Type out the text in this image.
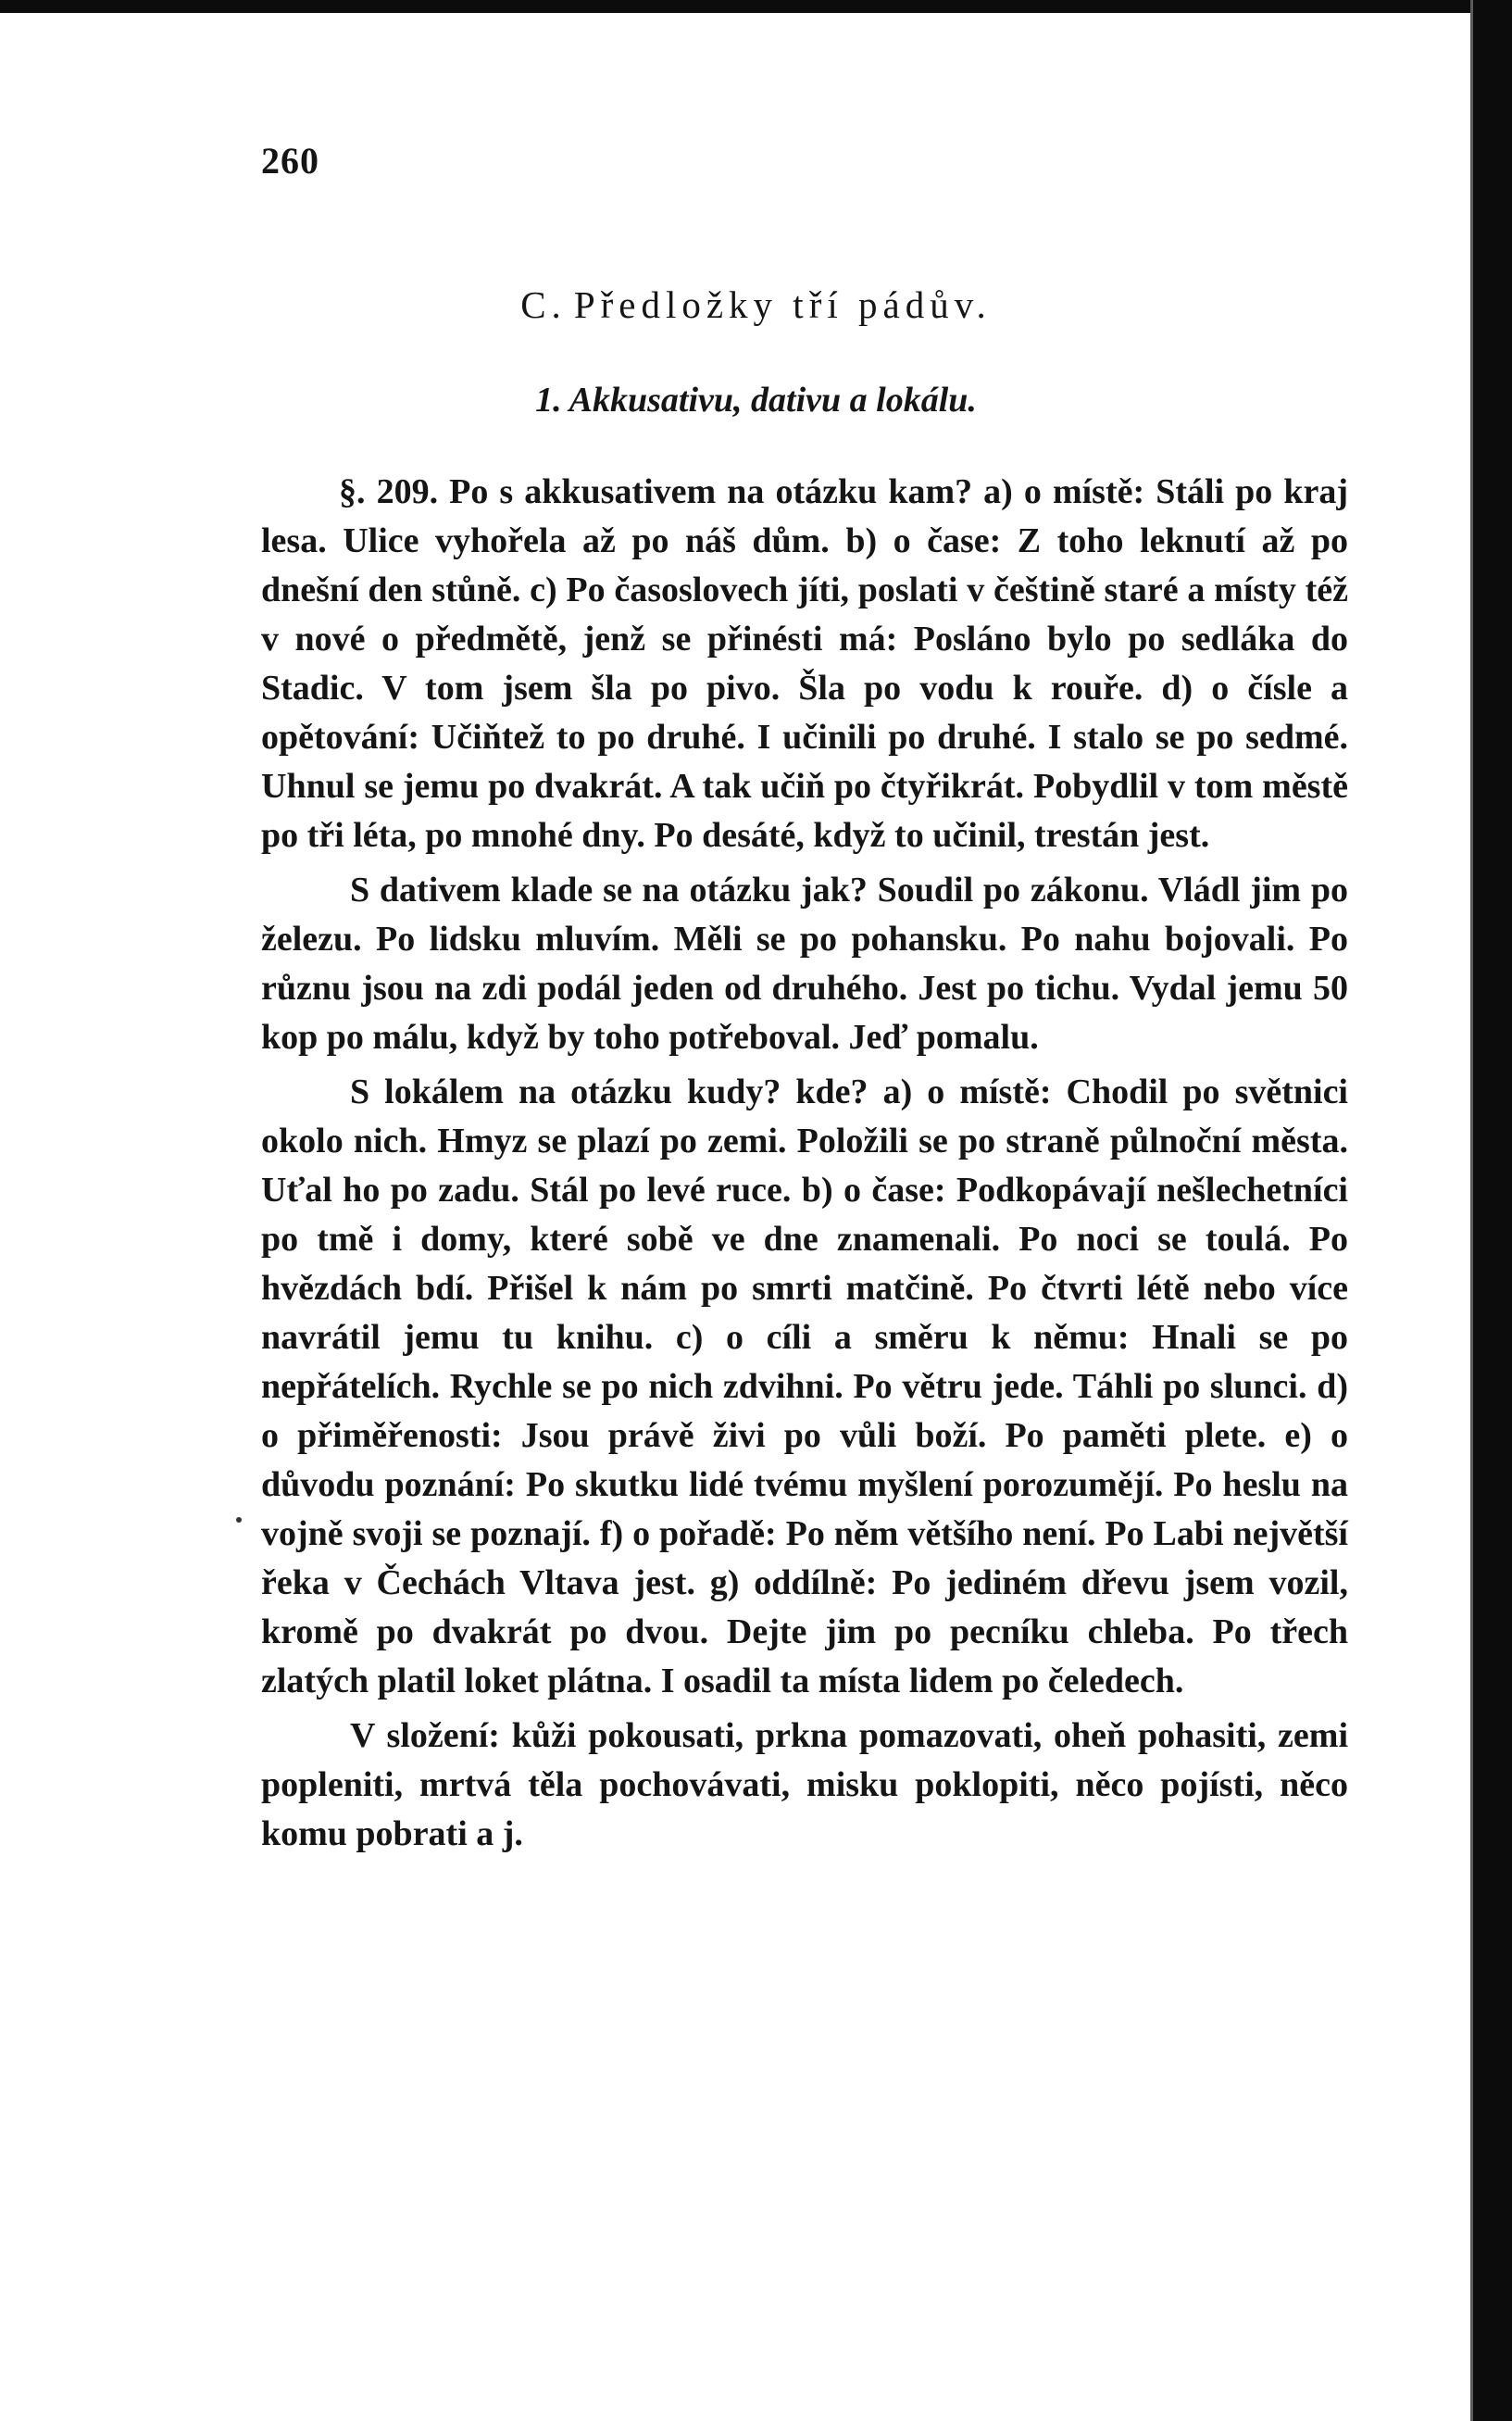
260
C. Předložky tří pádův.
1. Akkusativu, dativu a lokálu.

§. 209. Po s akkusativem na otázku kam? a) o místě: Stáli po kraj lesa. Ulice vyhořela až po náš dům. b) o čase: Z toho leknutí až po dnešní den stůně. c) Po časoslovech jíti, poslati v češtině staré a místy též v nové o předmětě, jenž se přinésti má: Posláno bylo po sedláka do Stadic. V tom jsem šla po pivo. Šla po vodu k rouře. d) o čísle a opětování: Učiňtež to po druhé. I učinili po druhé. I stalo se po sedmé. Uhnul se jemu po dvakrát. A tak učiň po čtyřikrát. Pobydlil v tom městě po tři léta, po mnohé dny. Po desáté, když to učinil, trestán jest.

S dativem klade se na otázku jak? Soudil po zákonu. Vládl jim po železu. Po lidsku mluvím. Měli se po pohansku. Po nahu bojovali. Po různu jsou na zdi podál jeden od druhého. Jest po tichu. Vydal jemu 50 kop po málu, když by toho potřeboval. Jeď pomalu.

S lokálem na otázku kudy? kde? a) o místě: Chodil po světnici okolo nich. Hmyz se plazí po zemi. Položili se po straně půlnoční města. Uťal ho po zadu. Stál po levé ruce. b) o čase: Podkopávají nešlechetníci po tmě i domy, které sobě ve dne znamenali. Po noci se toulá. Po hvězdách bdí. Přišel k nám po smrti matčině. Po čtvrti létě nebo více navrátil jemu tu knihu. c) o cíli a směru k němu: Hnali se po nepřátelích. Rychle se po nich zdvihni. Po větru jede. Táhli po slunci. d) o přiměřenosti: Jsou právě živi po vůli boží. Po paměti plete. e) o důvodu poznání: Po skutku lidé tvému myšlení porozumějí. Po heslu na vojně svoji se poznají. f) o pořadě: Po něm většího není. Po Labi největší řeka v Čechách Vltava jest. g) oddílně: Po jediném dřevu jsem vozil, kromě po dvakrát po dvou. Dejte jim po pecníku chleba. Po třech zlatých platil loket plátna. I osadil ta místa lidem po čeledech.

V složení: kůži pokousati, prkna pomazovati, oheň pohasiti, zemi popleniti, mrtvá těla pochovávati, misku poklopiti, něco pojísti, něco komu pobrati a j.
